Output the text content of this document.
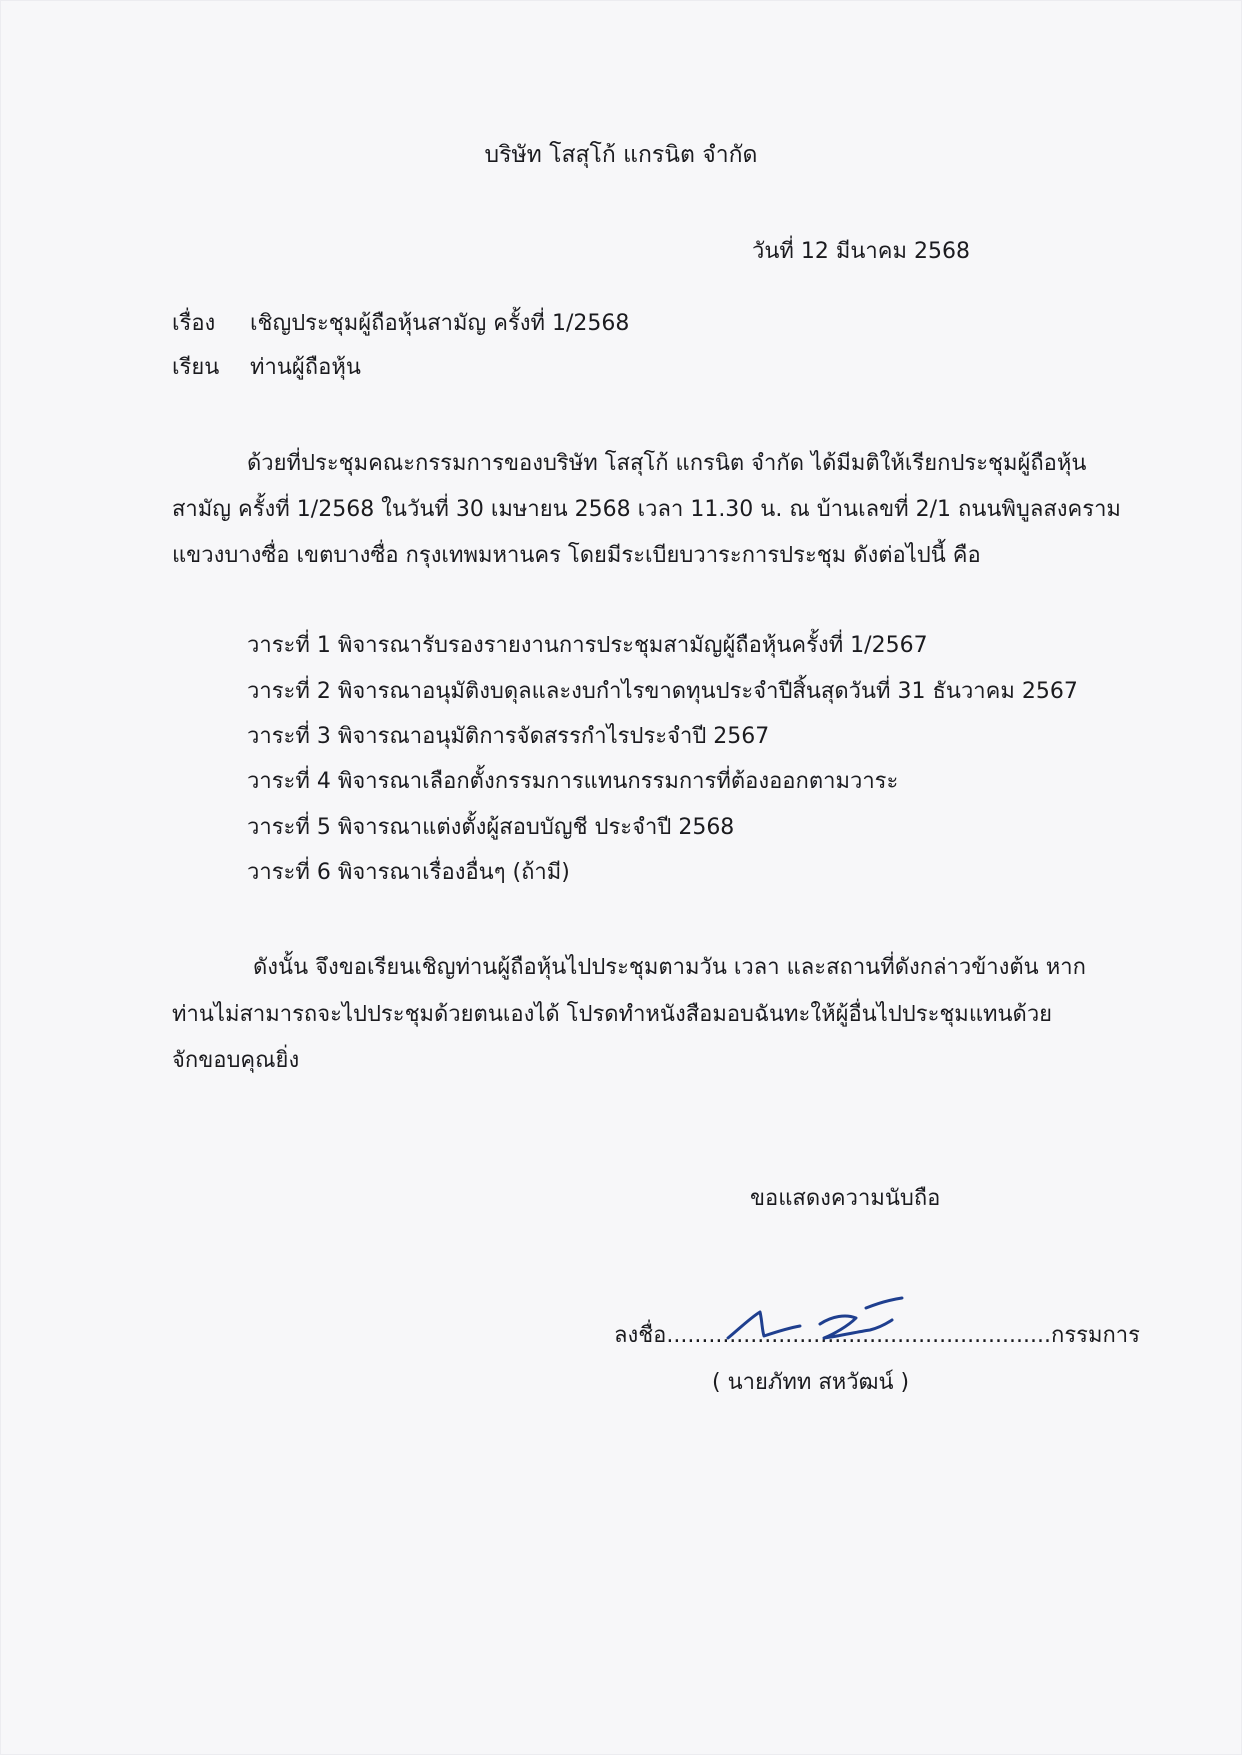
บริษัท โสสุโก้ แกรนิต จำกัด
วันที่ 12 มีนาคม 2568
เรื่อง เชิญประชุมผู้ถือหุ้นสามัญ ครั้งที่ 1/2568
เรียน ท่านผู้ถือหุ้น
ด้วยที่ประชุมคณะกรรมการของบริษัท โสสุโก้ แกรนิต จำกัด ได้มีมติให้เรียกประชุมผู้ถือหุ้น
สามัญ ครั้งที่ 1/2568 ในวันที่ 30 เมษายน 2568 เวลา 11.30 น. ณ บ้านเลขที่ 2/1 ถนนพิบูลสงคราม
แขวงบางซื่อ เขตบางซื่อ กรุงเทพมหานคร โดยมีระเบียบวาระการประชุม ดังต่อไปนี้ คือ
วาระที่ 1 พิจารณารับรองรายงานการประชุมสามัญผู้ถือหุ้นครั้งที่ 1/2567
วาระที่ 2 พิจารณาอนุมัติงบดุลและงบกำไรขาดทุนประจำปีสิ้นสุดวันที่ 31 ธันวาคม 2567
วาระที่ 3 พิจารณาอนุมัติการจัดสรรกำไรประจำปี 2567
วาระที่ 4 พิจารณาเลือกตั้งกรรมการแทนกรรมการที่ต้องออกตามวาระ
วาระที่ 5 พิจารณาแต่งตั้งผู้สอบบัญชี ประจำปี 2568
วาระที่ 6 พิจารณาเรื่องอื่นๆ (ถ้ามี)
ดังนั้น จึงขอเรียนเชิญท่านผู้ถือหุ้นไปประชุมตามวัน เวลา และสถานที่ดังกล่าวข้างต้น หาก
ท่านไม่สามารถจะไปประชุมด้วยตนเองได้ โปรดทำหนังสือมอบฉันทะให้ผู้อื่นไปประชุมแทนด้วย
จักขอบคุณยิ่ง
ขอแสดงความนับถือ
ลงชื่อ.......................................................กรรมการ
( นายภัทท สหวัฒน์ )
